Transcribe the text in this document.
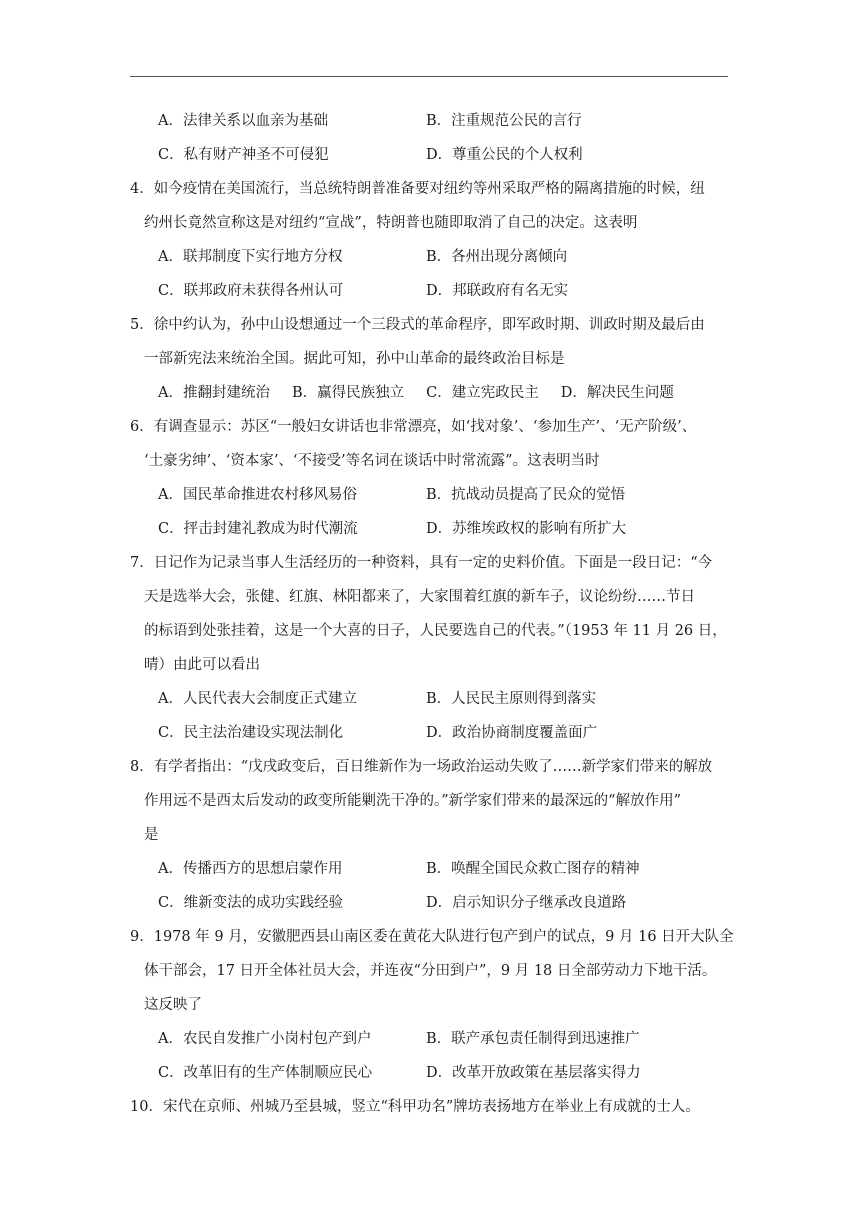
A．法律关系以血亲为基础	B．注重规范公民的言行
C．私有财产神圣不可侵犯	D．尊重公民的个人权利
4．如今疫情在美国流行，当总统特朗普准备要对纽约等州采取严格的隔离措施的时候，纽
约州长竟然宣称这是对纽约“宣战”，特朗普也随即取消了自己的决定。这表明
A．联邦制度下实行地方分权	B．各州出现分离倾向
C．联邦政府未获得各州认可	D．邦联政府有名无实
5．徐中约认为，孙中山设想通过一个三段式的革命程序，即军政时期、训政时期及最后由
一部新宪法来统治全国。据此可知，孙中山革命的最终政治目标是
A．推翻封建统治 B．赢得民族独立 C．建立宪政民主 D．解决民生问题
6．有调查显示：苏区“一般妇女讲话也非常漂亮，如‘找对象’、‘参加生产’、‘无产阶级’、
‘土豪劣绅’、‘资本家’、‘不接受’等名词在谈话中时常流露”。这表明当时
A．国民革命推进农村移风易俗	B．抗战动员提高了民众的觉悟
C．抨击封建礼教成为时代潮流	D．苏维埃政权的影响有所扩大
7．日记作为记录当事人生活经历的一种资料，具有一定的史料价值。下面是一段日记：“今
天是选举大会，张健、红旗、林阳都来了，大家围着红旗的新车子，议论纷纷……节日
的标语到处张挂着，这是一个大喜的日子，人民要选自己的代表。”（1953 年 11 月 26 日，
晴）由此可以看出
A．人民代表大会制度正式建立	B．人民民主原则得到落实
C．民主法治建设实现法制化	D．政治协商制度覆盖面广
8．有学者指出：“戊戌政变后，百日维新作为一场政治运动失败了……新学家们带来的解放
作用远不是西太后发动的政变所能剿洗干净的。”新学家们带来的最深远的“解放作用”
是
A．传播西方的思想启蒙作用	B．唤醒全国民众救亡图存的精神
C．维新变法的成功实践经验	D．启示知识分子继承改良道路
9．1978 年 9 月，安徽肥西县山南区委在黄花大队进行包产到户的试点，9 月 16 日开大队全
体干部会，17 日开全体社员大会，并连夜“分田到户”，9 月 18 日全部劳动力下地干活。
这反映了
A．农民自发推广小岗村包产到户	B．联产承包责任制得到迅速推广
C．改革旧有的生产体制顺应民心	D．改革开放政策在基层落实得力
10．宋代在京师、州城乃至县城，竖立“科甲功名”牌坊表扬地方在举业上有成就的士人。
